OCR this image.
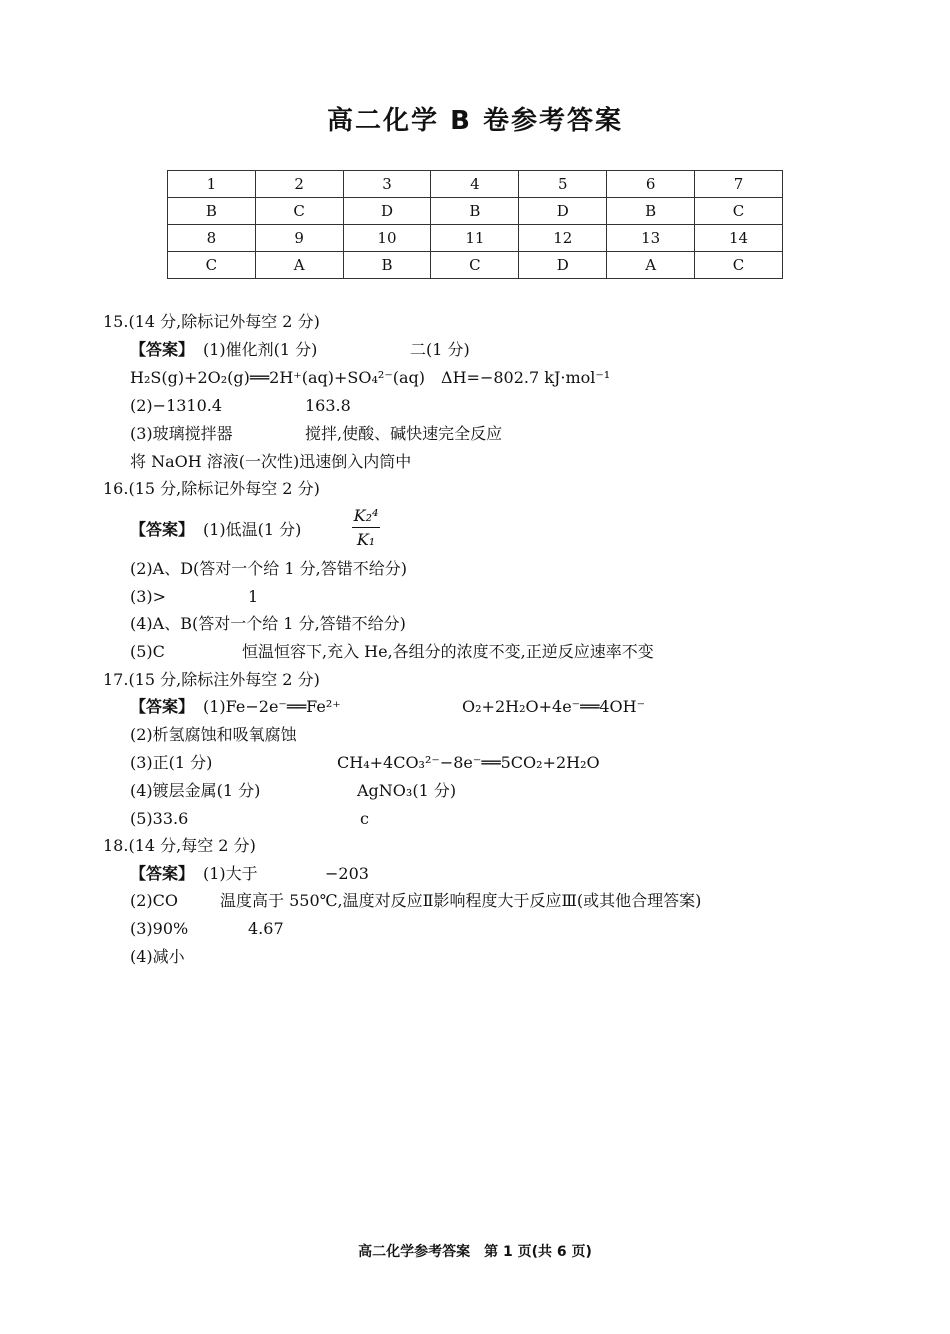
高二化学 B 卷参考答案
1	2	3	4	5	6	7
B	C	D	B	D	B	C
8	9	10	11	12	13	14
C	A	B	C	D	A	C
15.(14 分,除标记外每空 2 分)
【答案】 (1)催化剂(1 分)	二(1 分)
H₂S(g)+2O₂(g)══2H⁺(aq)+SO₄²⁻(aq)　ΔH=−802.7 kJ·mol⁻¹
(2)−1310.4	163.8
(3)玻璃搅拌器	搅拌,使酸、碱快速完全反应
将 NaOH 溶液(一次性)迅速倒入内筒中
16.(15 分,除标记外每空 2 分)
【答案】 (1)低温(1 分)	$\frac{\text{K₂⁴}}{\text{K₁}}$
(2)A、D(答对一个给 1 分,答错不给分)
(3)>	1
(4)A、B(答对一个给 1 分,答错不给分)
(5)C	恒温恒容下,充入 He,各组分的浓度不变,正逆反应速率不变
17.(15 分,除标注外每空 2 分)
【答案】 (1)Fe−2e⁻══Fe²⁺	O₂+2H₂O+4e⁻══4OH⁻
(2)析氢腐蚀和吸氧腐蚀
(3)正(1 分)	CH₄+4CO₃²⁻−8e⁻══5CO₂+2H₂O
(4)镀层金属(1 分)	AgNO₃(1 分)
(5)33.6	c
18.(14 分,每空 2 分)
【答案】 (1)大于	−203
(2)CO	温度高于 550℃,温度对反应Ⅱ影响程度大于反应Ⅲ(或其他合理答案)
(3)90%	4.67
(4)减小
高二化学参考答案　第 1 页(共 6 页)
